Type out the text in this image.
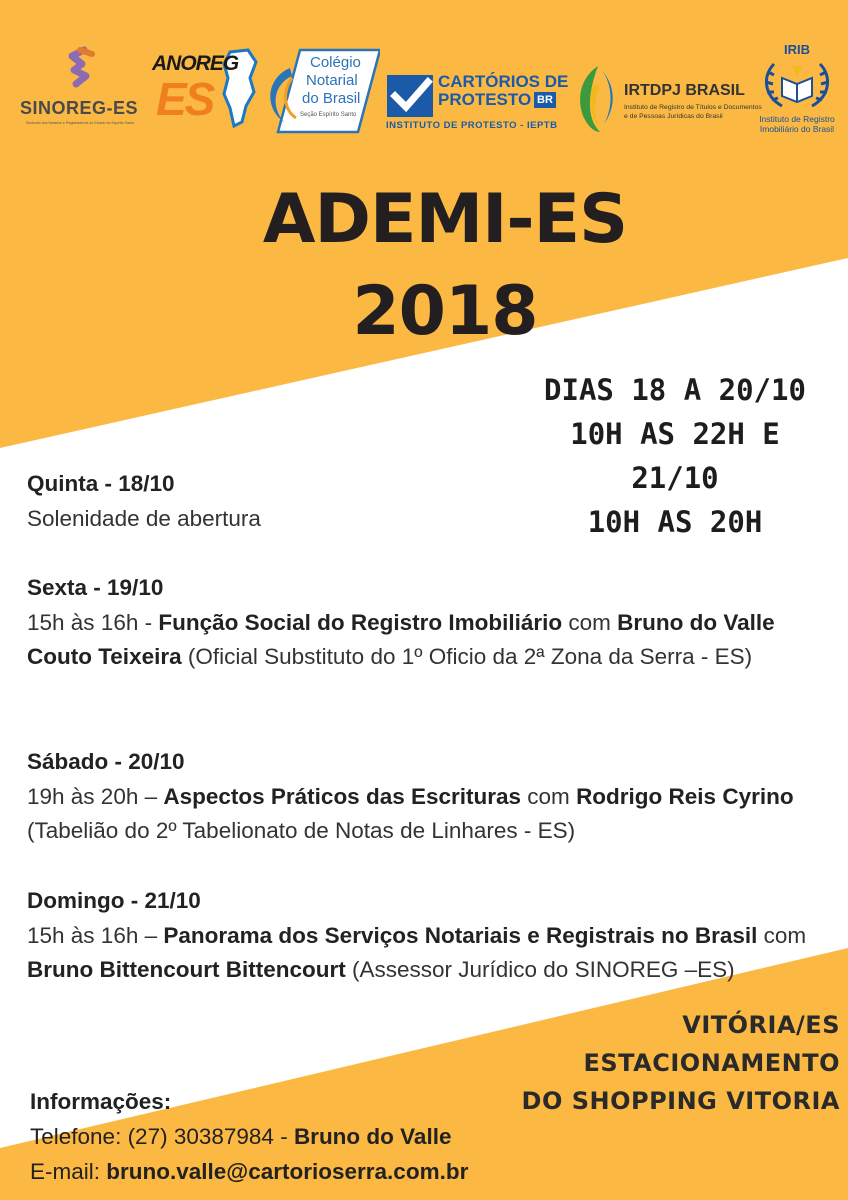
SINOREG-ES
Sindicato dos Notários e Registradores do Estado do Espírito Santo
ANOREG
ES
Colégio
Notarial
do Brasil
Seção Espírito Santo
CARTÓRIOS DE
PROTESTO BR
INSTITUTO DE PROTESTO - IEPTB
IRTDPJ BRASIL
Instituto de Registro de Títulos e Documentos
e de Pessoas Jurídicas do Brasil
IRIB
Instituto de Registro
Imobiliário do Brasil
ADEMI-ES
2018
DIAS 18 A 20/10
10H AS 22H E
21/10
10H AS 20H
Quinta - 18/10
Solenidade de abertura
Sexta - 19/10
15h às 16h - Função Social do Registro Imobiliário com Bruno do Valle Couto Teixeira (Oficial Substituto do 1º Oficio da 2ª Zona da Serra - ES)
Sábado - 20/10
19h às 20h – Aspectos Práticos das Escrituras com Rodrigo Reis Cyrino (Tabelião do 2º Tabelionato de Notas de Linhares - ES)
Domingo - 21/10
15h às 16h – Panorama dos Serviços Notariais e Registrais no Brasil com Bruno Bittencourt Bittencourt (Assessor Jurídico do SINOREG –ES)
VITÓRIA/ES
ESTACIONAMENTO
DO SHOPPING VITORIA
Informações:
Telefone: (27) 30387984 - Bruno do Valle
E-mail: bruno.valle@cartorioserra.com.br
